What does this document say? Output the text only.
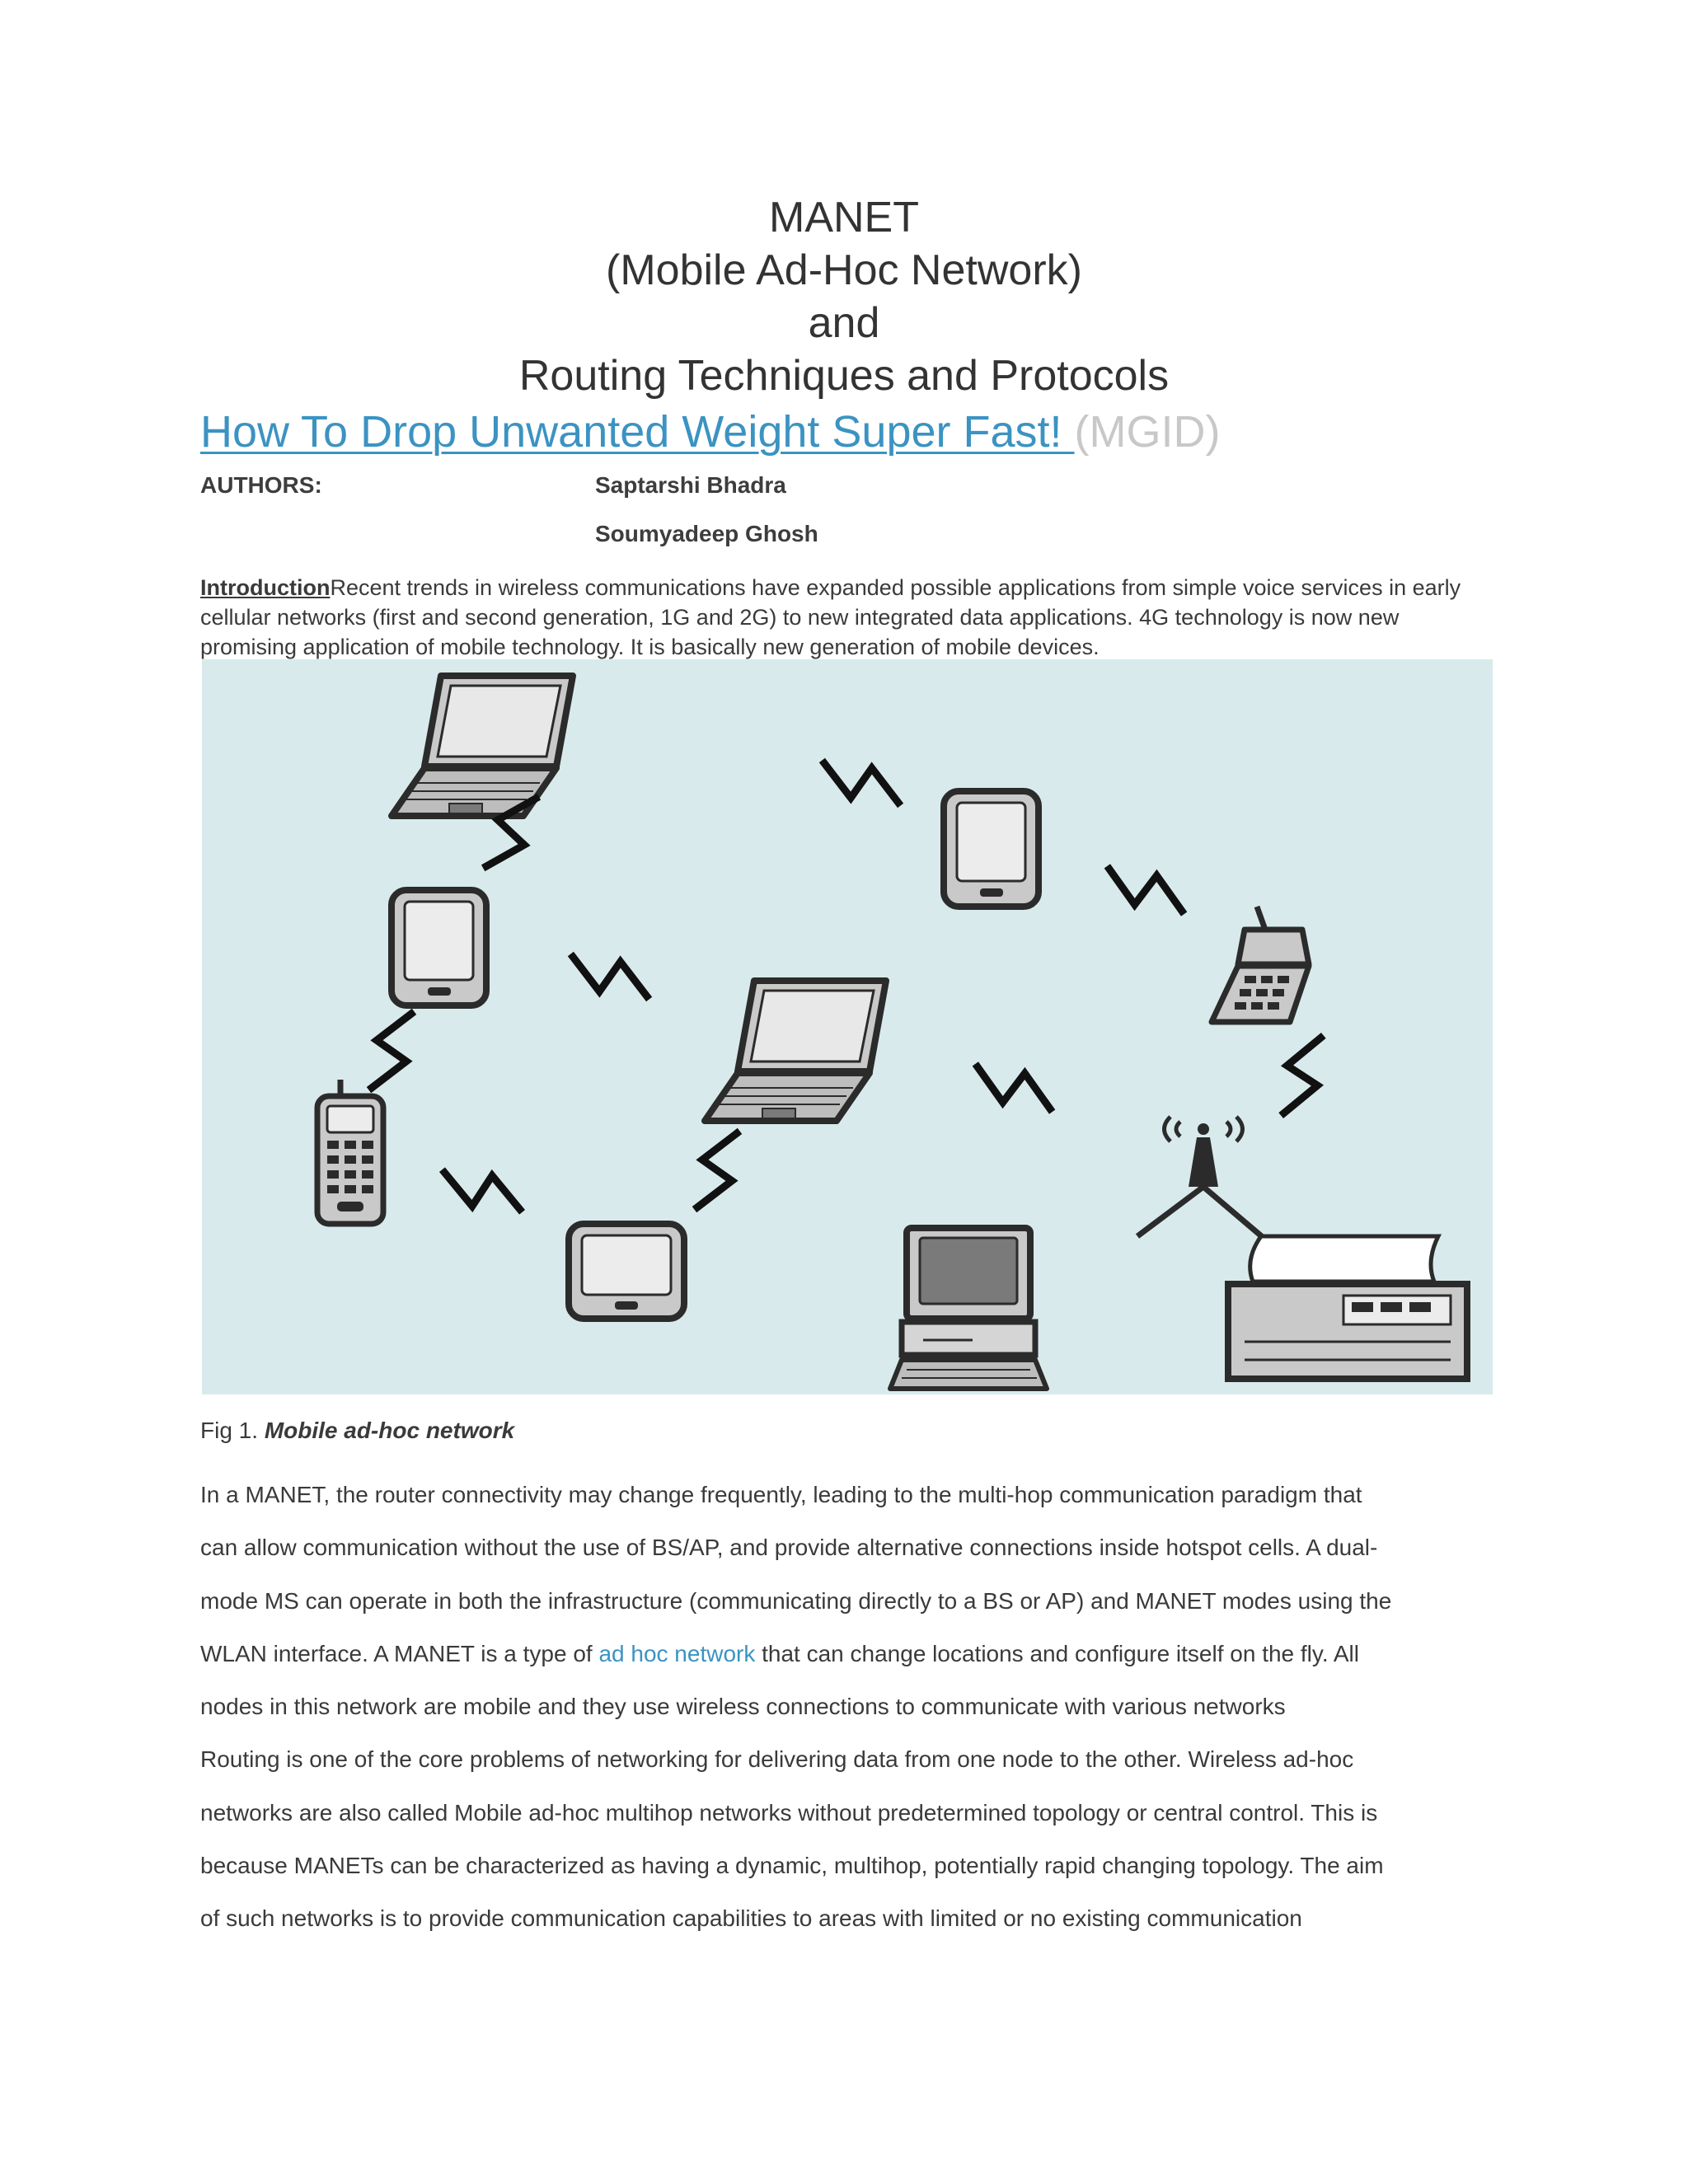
MANET
(Mobile Ad-Hoc Network)
and
Routing Techniques and Protocols
How To Drop Unwanted Weight Super Fast! (MGID)
AUTHORS:	Saptarshi Bhadra
Soumyadeep Ghosh

IntroductionRecent trends in wireless communications have expanded possible applications from simple voice services in early cellular networks (first and second generation, 1G and 2G) to new integrated data applications. 4G technology is now new promising application of mobile technology. It is basically new generation of mobile devices.

Fig 1. Mobile ad-hoc network
In a MANET, the router connectivity may change frequently, leading to the multi-hop communication paradigm that
can allow communication without the use of BS/AP, and provide alternative connections inside hotspot cells. A dual-
mode MS can operate in both the infrastructure (communicating directly to a BS or AP) and MANET modes using the
WLAN interface. A MANET is a type of ad hoc network that can change locations and configure itself on the fly. All
nodes in this network are mobile and they use wireless connections to communicate with various networks
Routing is one of the core problems of networking for delivering data from one node to the other. Wireless ad-hoc
networks are also called Mobile ad-hoc multihop networks without predetermined topology or central control. This is
because MANETs can be characterized as having a dynamic, multihop, potentially rapid changing topology. The aim
of such networks is to provide communication capabilities to areas with limited or no existing communication
